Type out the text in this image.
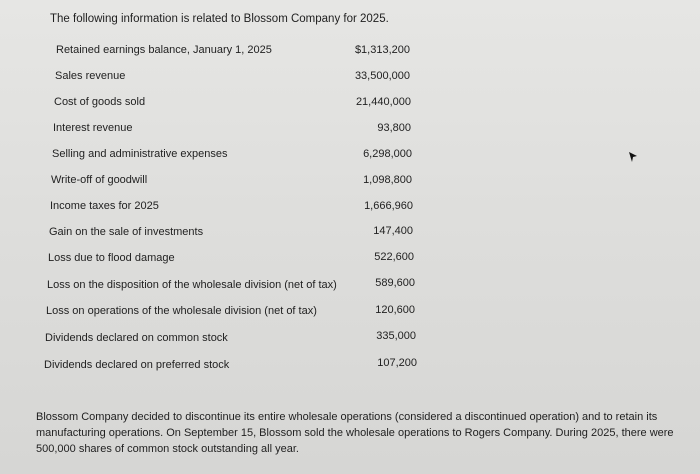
The following information is related to Blossom Company for 2025.
Retained earnings balance, January 1, 2025	$1,313,200
Sales revenue	33,500,000
Cost of goods sold	21,440,000
Interest revenue	93,800
Selling and administrative expenses	6,298,000
Write-off of goodwill	1,098,800
Income taxes for 2025	1,666,960
Gain on the sale of investments	147,400
Loss due to flood damage	522,600
Loss on the disposition of the wholesale division (net of tax)	589,600
Loss on operations of the wholesale division (net of tax)	120,600
Dividends declared on common stock	335,000
Dividends declared on preferred stock	107,200
Blossom Company decided to discontinue its entire wholesale operations (considered a discontinued operation) and to retain its manufacturing operations. On September 15, Blossom sold the wholesale operations to Rogers Company. During 2025, there were 500,000 shares of common stock outstanding all year.
